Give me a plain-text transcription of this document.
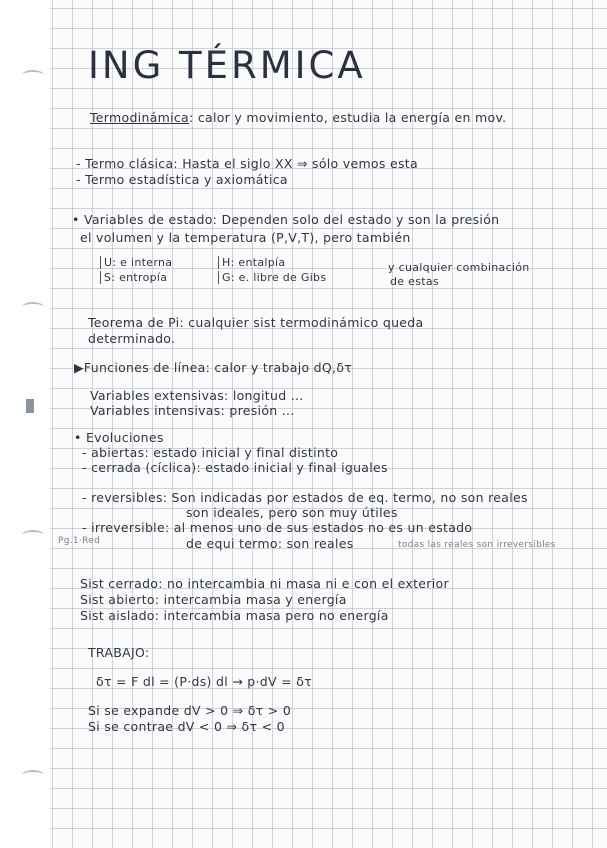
ING TÉRMICA
Termodinámica: calor y movimiento, estudia la energía en mov.
- Termo clásica: Hasta el siglo XX ⇒ sólo vemos esta
- Termo estadística y axiomática
• Variables de estado: Dependen solo del estado y son la presión
el volumen y la temperatura (P,V,T), pero también
U: e interna
S: entropía
H: entalpía
G: e. libre de Gibs
y cualquier combinación
de estas
Teorema de Pi: cualquier sist termodinámico queda
determinado.
▶Funciones de línea: calor y trabajo dQ,δτ
Variables extensivas: longitud ...
Variables intensivas: presión ...
• Evoluciones
- abiertas: estado inicial y final distinto
- cerrada (cíclica): estado inicial y final iguales
- reversibles: Son indicadas por estados de eq. termo, no son reales
son ideales, pero son muy útiles
- irreversible: al menos uno de sus estados no es un estado
de equi termo: son reales	todas las reales son irreversibles
Pg.1·Red
Sist cerrado: no intercambia ni masa ni e con el exterior
Sist abierto: intercambia masa y energía
Sist aislado: intercambia masa pero no energía
TRABAJO:
δτ = F dl = (P·ds) dl → p·dV = δτ
Si se expande dV > 0 ⇒ δτ > 0
Si se contrae dV < 0 ⇒ δτ < 0
